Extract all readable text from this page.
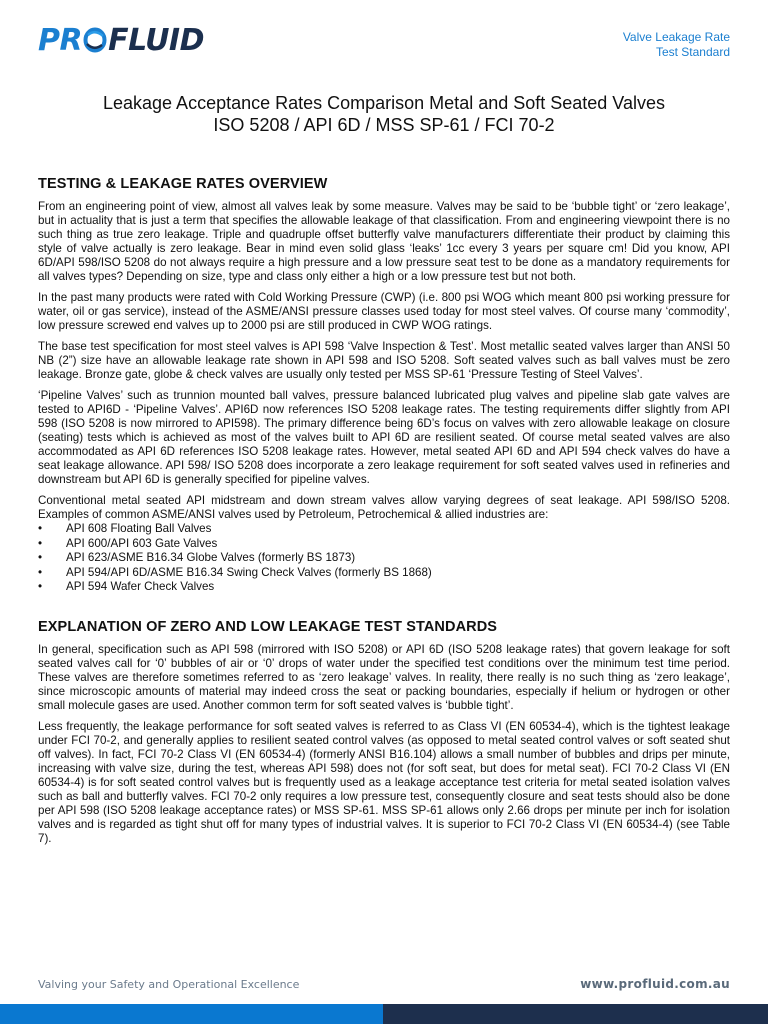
PR FLUID	Valve Leakage Rate
Test Standard
Leakage Acceptance Rates Comparison Metal and Soft Seated Valves
ISO 5208 / API 6D / MSS SP-61 / FCI 70-2
TESTING & LEAKAGE RATES OVERVIEW

From an engineering point of view, almost all valves leak by some measure. Valves may be said to be ‘bubble tight’ or ‘zero leakage’, but in actuality that is just a term that specifies the allowable leakage of that classification. From and engineering viewpoint there is no such thing as true zero leakage. Triple and quadruple offset butterfly valve manufacturers differentiate their product by claiming this style of valve actually is zero leakage. Bear in mind even solid glass ‘leaks’ 1cc every 3 years per square cm! Did you know, API 6D/API 598/ISO 5208 do not always require a high pressure and a low pressure seat test to be done as a mandatory requirements for all valves types? Depending on size, type and class only either a high or a low pressure test but not both.

In the past many products were rated with Cold Working Pressure (CWP) (i.e. 800 psi WOG which meant 800 psi working pressure for water, oil or gas service), instead of the ASME/ANSI pressure classes used today for most steel valves. Of course many ‘commodity’, low pressure screwed end valves up to 2000 psi are still produced in CWP WOG ratings.

The base test specification for most steel valves is API 598 ‘Valve Inspection & Test’. Most metallic seated valves larger than ANSI 50 NB (2”) size have an allowable leakage rate shown in API 598 and ISO 5208. Soft seated valves such as ball valves must be zero leakage. Bronze gate, globe & check valves are usually only tested per MSS SP-61 ‘Pressure Testing of Steel Valves’.

‘Pipeline Valves’ such as trunnion mounted ball valves, pressure balanced lubricated plug valves and pipeline slab gate valves are tested to API6D - ‘Pipeline Valves’. API6D now references ISO 5208 leakage rates. The testing requirements differ slightly from API 598 (ISO 5208 is now mirrored to API598). The primary difference being 6D’s focus on valves with zero allowable leakage on closure (seating) tests which is achieved as most of the valves built to API 6D are resilient seated. Of course metal seated valves are also accommodated as API 6D references ISO 5208 leakage rates. However, metal seated API 6D and API 594 check valves do have a seat leakage allowance. API 598/ ISO 5208 does incorporate a zero leakage requirement for soft seated valves used in refineries and downstream but API 6D is generally specified for pipeline valves.

Conventional metal seated API midstream and down stream valves allow varying degrees of seat leakage. API 598/ISO 5208. Examples of common ASME/ANSI valves used by Petroleum, Petrochemical & allied industries are:

• API 608 Floating Ball Valves
• API 600/API 603 Gate Valves
• API 623/ASME B16.34 Globe Valves (formerly BS 1873)
• API 594/API 6D/ASME B16.34 Swing Check Valves (formerly BS 1868)
• API 594 Wafer Check Valves
EXPLANATION OF ZERO AND LOW LEAKAGE TEST STANDARDS

In general, specification such as API 598 (mirrored with ISO 5208) or API 6D (ISO 5208 leakage rates) that govern leakage for soft seated valves call for ‘0’ bubbles of air or ‘0’ drops of water under the specified test conditions over the minimum test time period. These valves are therefore sometimes referred to as ‘zero leakage’ valves. In reality, there really is no such thing as ‘zero leakage’, since microscopic amounts of material may indeed cross the seat or packing boundaries, especially if helium or hydrogen or other small molecule gases are used. Another common term for soft seated valves is ‘bubble tight’.

Less frequently, the leakage performance for soft seated valves is referred to as Class VI (EN 60534-4), which is the tightest leakage under FCI 70-2, and generally applies to resilient seated control valves (as opposed to metal seated control valves or soft seated shut off valves). In fact, FCI 70-2 Class VI (EN 60534-4) (formerly ANSI B16.104) allows a small number of bubbles and drips per minute, increasing with valve size, during the test, whereas API 598) does not (for soft seat, but does for metal seat). FCI 70-2 Class VI (EN 60534-4) is for soft seated control valves but is frequently used as a leakage acceptance test criteria for metal seated isolation valves such as ball and butterfly valves. FCI 70-2 only requires a low pressure test, consequently closure and seat tests should also be done per API 598 (ISO 5208 leakage acceptance rates) or MSS SP-61. MSS SP-61 allows only 2.66 drops per minute per inch for isolation valves and is regarded as tight shut off for many types of industrial valves. It is superior to FCI 70-2 Class VI (EN 60534-4) (see Table 7).

Valving your Safety and Operational Excellence	www.profluid.com.au
